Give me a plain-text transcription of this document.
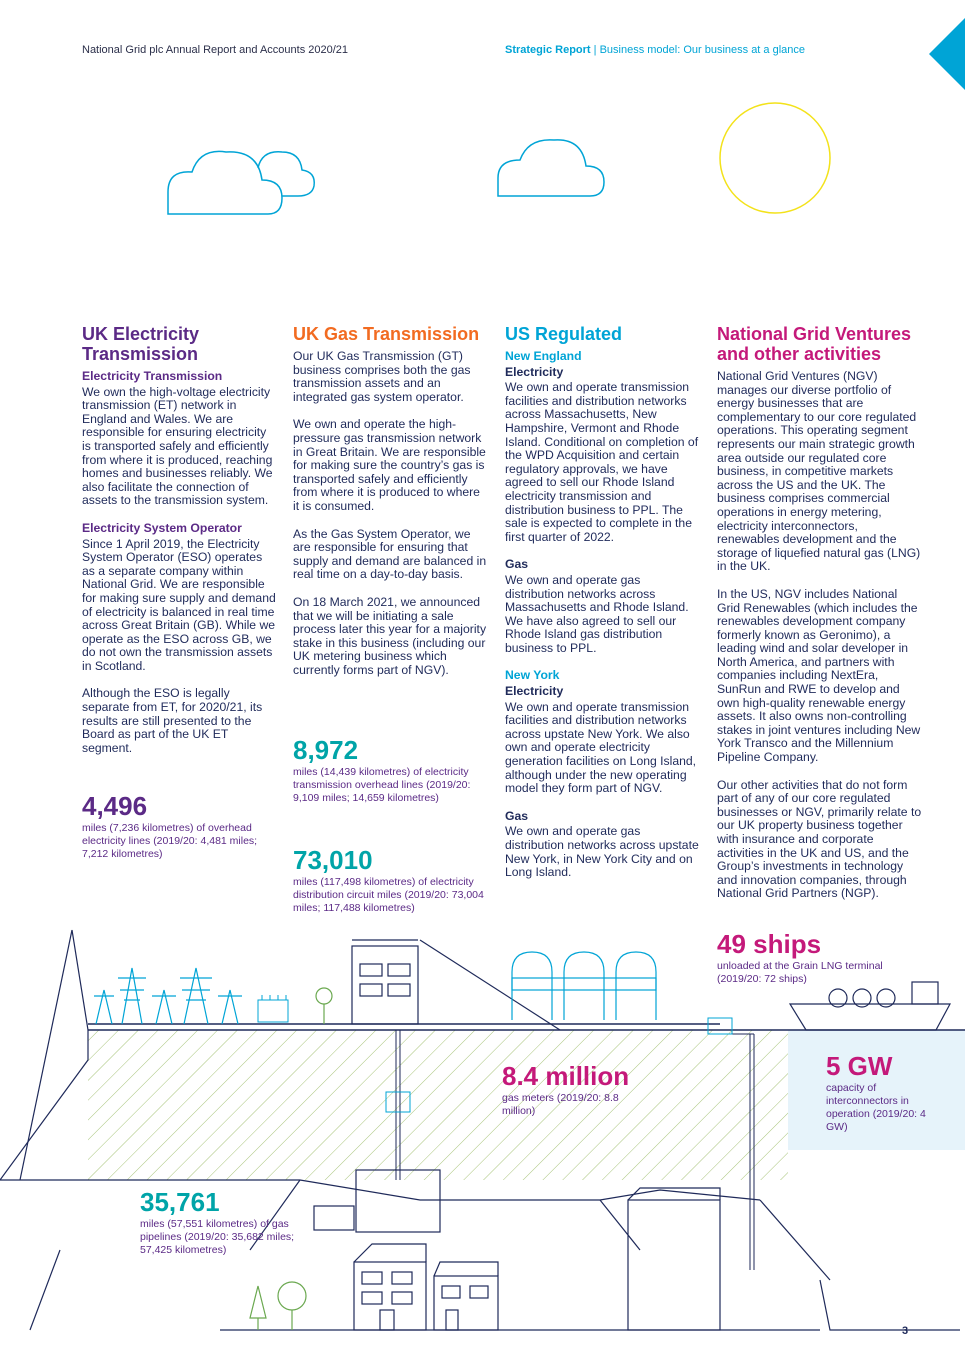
National Grid plc Annual Report and Accounts 2020/21	Strategic Report | Business model: Our business at a glance
UK Electricity Transmission
Electricity Transmission

We own the high-voltage electricity transmission (ET) network in England and Wales. We are responsible for ensuring electricity is transported safely and efficiently from where it is produced, reaching homes and businesses reliably. We also facilitate the connection of assets to the transmission system.

Electricity System Operator

Since 1 April 2019, the Electricity System Operator (ESO) operates as a separate company within National Grid. We are responsible for making sure supply and demand of electricity is balanced in real time across Great Britain (GB). While we operate as the ESO across GB, we do not own the transmission assets in Scotland.

Although the ESO is legally separate from ET, for 2020/21, its results are still presented to the Board as part of the UK ET segment.

UK Gas Transmission

Our UK Gas Transmission (GT) business comprises both the gas transmission assets and an integrated gas system operator.

We own and operate the high-pressure gas transmission network in Great Britain. We are responsible for making sure the country’s gas is transported safely and efficiently from where it is produced to where it is consumed.

As the Gas System Operator, we are responsible for ensuring that supply and demand are balanced in real time on a day-to-day basis.

On 18 March 2021, we announced that we will be initiating a sale process later this year for a majority stake in this business (including our UK metering business which currently forms part of NGV).

US Regulated
New England
Electricity

We own and operate transmission facilities and distribution networks across Massachusetts, New Hampshire, Vermont and Rhode Island. Conditional on completion of the WPD Acquisition and certain regulatory approvals, we have agreed to sell our Rhode Island electricity transmission and distribution business to PPL. The sale is expected to complete in the first quarter of 2022.

Gas

We own and operate gas distribution networks across Massachusetts and Rhode Island. We have also agreed to sell our Rhode Island gas distribution business to PPL.

New York
Electricity

We own and operate transmission facilities and distribution networks across upstate New York. We also own and operate electricity generation facilities on Long Island, although under the new operating model they form part of NGV.

Gas

We own and operate gas distribution networks across upstate New York, in New York City and on Long Island.

National Grid Ventures and other activities

National Grid Ventures (NGV) manages our diverse portfolio of energy businesses that are complementary to our core regulated operations. This operating segment represents our main strategic growth area outside our regulated core business, in competitive markets across the US and the UK. The business comprises commercial operations in energy metering, electricity interconnectors, renewables development and the storage of liquefied natural gas (LNG) in the UK.

In the US, NGV includes National Grid Renewables (which includes the renewables development company formerly known as Geronimo), a leading wind and solar developer in North America, and partners with companies including NextEra, SunRun and RWE to develop and own high-quality renewable energy assets. It also owns non-controlling stakes in joint ventures including New York Transco and the Millennium Pipeline Company.

Our other activities that do not form part of any of our core regulated businesses or NGV, primarily relate to our UK property business together with insurance and corporate activities in the UK and US, and the Group’s investments in technology and innovation companies, through National Grid Partners (NGP).

4,496
miles (7,236 kilometres) of overhead electricity lines (2019/20: 4,481 miles; 7,212 kilometres)
8,972
miles (14,439 kilometres) of electricity transmission overhead lines (2019/20: 9,109 miles; 14,659 kilometres)
73,010
miles (117,498 kilometres) of electricity distribution circuit miles (2019/20: 73,004 miles; 117,488 kilometres)
49 ships
unloaded at the Grain LNG terminal (2019/20: 72 ships)
8.4 million
gas meters (2019/20: 8.8 million)
5 GW
capacity of interconnectors in operation (2019/20: 4 GW)
35,761
miles (57,551 kilometres) of gas pipelines (2019/20: 35,682 miles; 57,425 kilometres)
3
